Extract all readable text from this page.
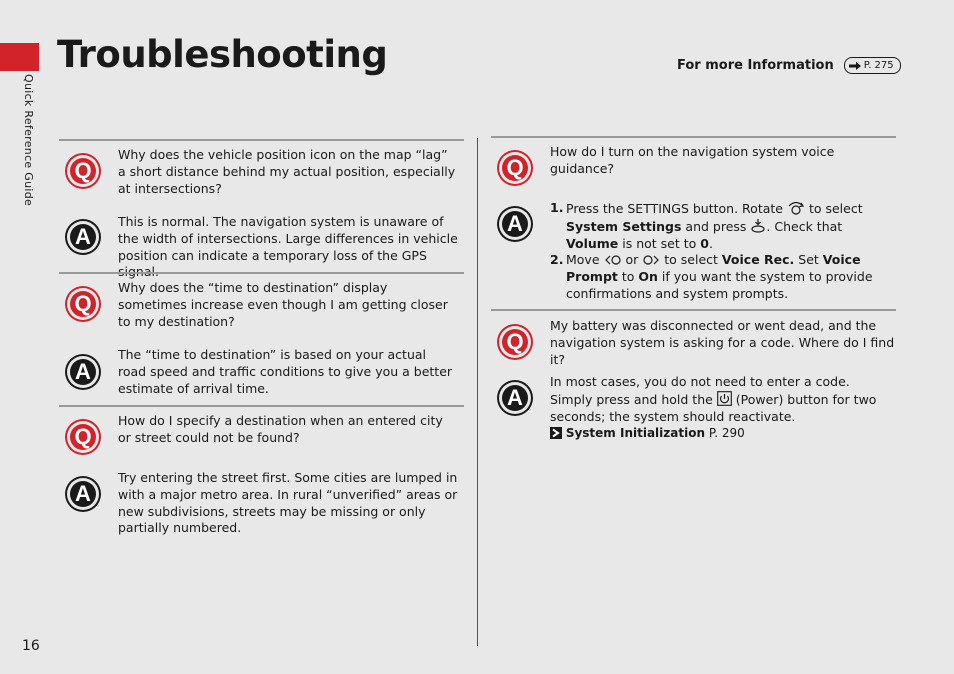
Quick Reference Guide
Troubleshooting	For more Information	P. 275
Q
Why does the vehicle position icon on the map “lag” a short distance behind my actual position, especially at intersections?
A
This is normal. The navigation system is unaware of the width of intersections. Large differences in vehicle position can indicate a temporary loss of the GPS
Q
Why does the “time to destination” display sometimes increase even though I am getting closer to my destination?
A
The “time to destination” is based on your actual road speed and traffic conditions to give you a better estimate of arrival time.
Q
How do I specify a destination when an entered city or street could not be found?
A
Try entering the street first. Some cities are lumped in with a major metro area. In rural “unverified” areas or new subdivisions, streets may be missing or only partially numbered.
Q
How do I turn on the navigation system voice guidance?
A
1. Press the SETTINGS button. Rotate to select System Settings and press . Check that Volume is not set to 0.
2. Move or to select Voice Rec. Set Voice Prompt to On if you want the system to provide confirmations and system prompts.
Q
My battery was disconnected or went dead, and the navigation system is asking for a code. Where do I find it?
A
In most cases, you do not need to enter a code. Simply press and hold the (Power) button for two seconds; the system should reactivate.
System Initialization P. 290
16
